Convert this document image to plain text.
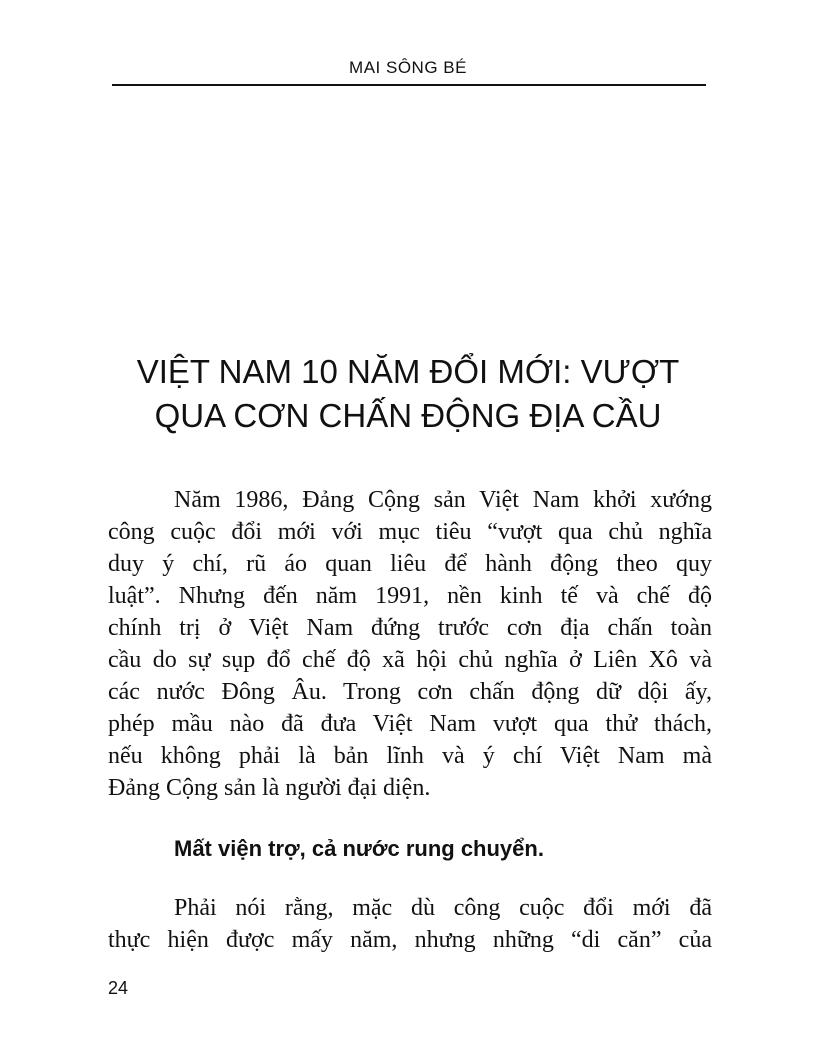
MAI SÔNG BÉ
VIỆT NAM 10 NĂM ĐỔI MỚI: VƯỢT
QUA CƠN CHẤN ĐỘNG ĐỊA CẦU

Năm 1986, Đảng Cộng sản Việt Nam khởi xướng
công cuộc đổi mới với mục tiêu “vượt qua chủ nghĩa
duy ý chí, rũ áo quan liêu để hành động theo quy
luật”. Nhưng đến năm 1991, nền kinh tế và chế độ
chính trị ở Việt Nam đứng trước cơn địa chấn toàn
cầu do sự sụp đổ chế độ xã hội chủ nghĩa ở Liên Xô và
các nước Đông Âu. Trong cơn chấn động dữ dội ấy,
phép mầu nào đã đưa Việt Nam vượt qua thử thách,
nếu không phải là bản lĩnh và ý chí Việt Nam mà
Đảng Cộng sản là người đại diện.

Mất viện trợ, cả nước rung chuyển.

Phải nói rằng, mặc dù công cuộc đổi mới đã
thực hiện được mấy năm, nhưng những “di căn” của

24
